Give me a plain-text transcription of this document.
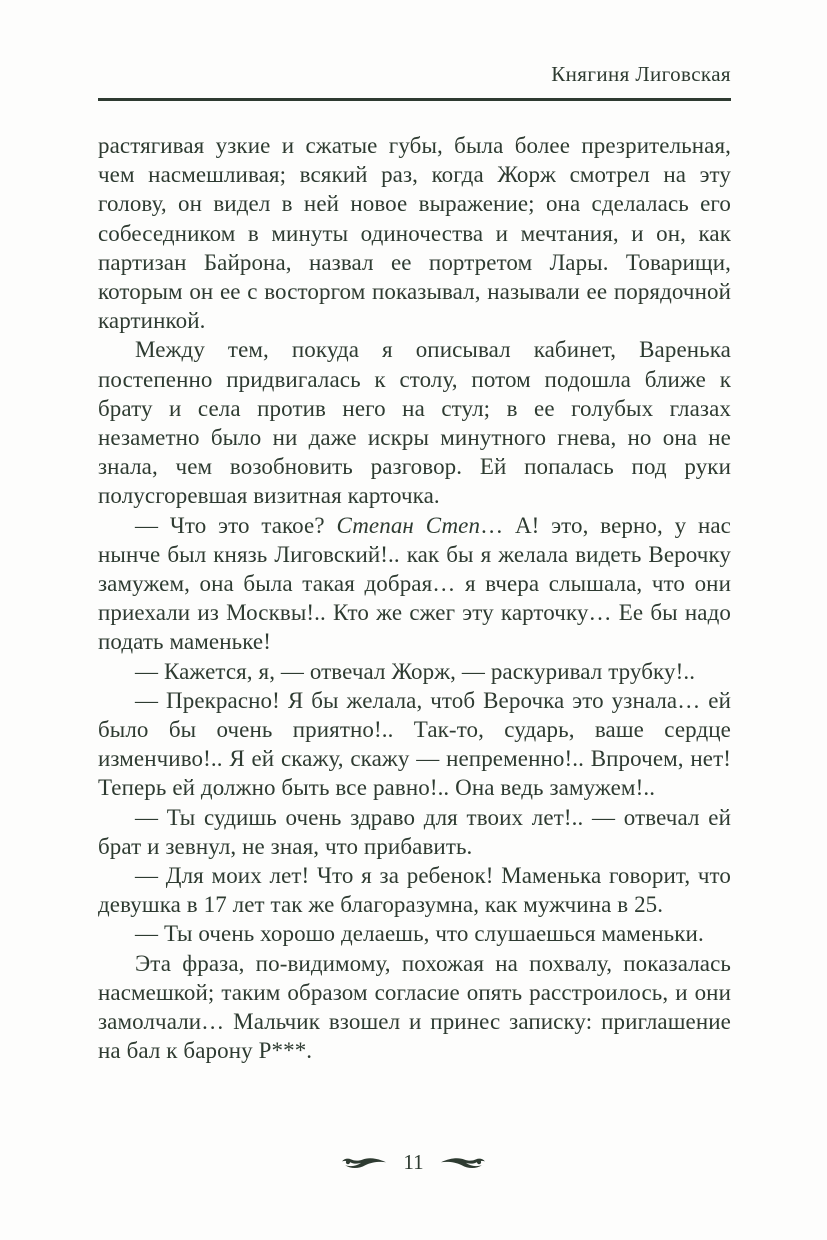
Княгиня Лиговская

растягивая узкие и сжатые губы, была более презрительная, чем насмешливая; всякий раз, когда Жорж смотрел на эту голову, он видел в ней новое выражение; она сделалась его собеседником в минуты одиночества и мечтания, и он, как партизан Байрона, назвал ее портретом Лары. Товарищи, которым он ее с восторгом показывал, называли ее порядочной картинкой.

Между тем, покуда я описывал кабинет, Варенька постепенно придвигалась к столу, потом подошла ближе к брату и села против него на стул; в ее голубых глазах незаметно было ни даже искры минутного гнева, но она не знала, чем возобновить разговор. Ей попалась под руки полусгоревшая визитная карточка.

— Что это такое? Степан Степ… А! это, верно, у нас нынче был князь Лиговский!.. как бы я желала видеть Верочку замужем, она была такая добрая… я вчера слышала, что они приехали из Москвы!.. Кто же сжег эту карточку… Ее бы надо подать маменьке!

— Кажется, я, — отвечал Жорж, — раскуривал трубку!..

— Прекрасно! Я бы желала, чтоб Верочка это узнала… ей было бы очень приятно!.. Так-то, сударь, ваше сердце изменчиво!.. Я ей скажу, скажу — непременно!.. Впрочем, нет! Теперь ей должно быть все равно!.. Она ведь замужем!..

— Ты судишь очень здраво для твоих лет!.. — отвечал ей брат и зевнул, не зная, что прибавить.

— Для моих лет! Что я за ребенок! Маменька говорит, что девушка в 17 лет так же благоразумна, как мужчина в 25.

— Ты очень хорошо делаешь, что слушаешься маменьки.

Эта фраза, по-видимому, похожая на похвалу, показалась насмешкой; таким образом согласие опять расстроилось, и они замолчали… Мальчик взошел и принес записку: приглашение на бал к барону Р***.

11
